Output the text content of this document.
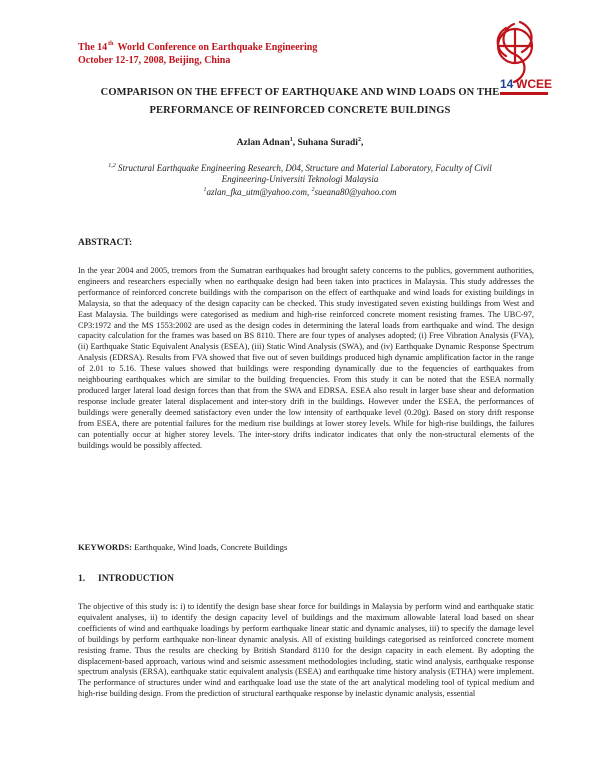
The 14th World Conference on Earthquake Engineering
October 12-17, 2008, Beijing, China
14 WCEE
COMPARISON ON THE EFFECT OF EARTHQUAKE AND WIND LOADS ON THE
PERFORMANCE OF REINFORCED CONCRETE BUILDINGS
Azlan Adnan$^1$, Suhana Suradi$^2$,
$^{1,2}$ Structural Earthquake Engineering Research, D04, Structure and Material Laboratory, Faculty of Civil
Engineering-Universiti Teknologi Malaysia
$^1$azlan_fka_utm@yahoo.com, $^2$sueana80@yahoo.com
ABSTRACT:
In the year 2004 and 2005, tremors from the Sumatran earthquakes had brought safety concerns to the publics, government authorities, engineers and researchers especially when no earthquake design had been taken into practices in Malaysia. This study addresses the performance of reinforced concrete buildings with the comparison on the effect of earthquake and wind loads for existing buildings in Malaysia, so that the adequacy of the design capacity can be checked. This study investigated seven existing buildings from West and East Malaysia. The buildings were categorised as medium and high-rise reinforced concrete moment resisting frames. The UBC-97, CP3:1972 and the MS 1553:2002 are used as the design codes in determining the lateral loads from earthquake and wind. The design capacity calculation for the frames was based on BS 8110. There are four types of analyses adopted; (i) Free Vibration Analysis (FVA), (ii) Earthquake Static Equivalent Analysis (ESEA), (iii) Static Wind Analysis (SWA), and (iv) Earthquake Dynamic Response Spectrum Analysis (EDRSA). Results from FVA showed that five out of seven buildings produced high dynamic amplification factor in the range of 2.01 to 5.16. These values showed that buildings were responding dynamically due to the fequencies of earthquakes from neighbouring earthquakes which are similar to the building frequencies. From this study it can be noted that the ESEA normally produced larger lateral load design forces than that from the SWA and EDRSA. ESEA also result in larger base shear and deformation response include greater lateral displacement and inter-story drift in the buildings. However under the ESEA, the performances of buildings were generally deemed satisfactory even under the low intensity of earthquake level (0.20g). Based on story drift response from ESEA, there are potential failures for the medium rise buildings at lower storey levels. While for high-rise buildings, the failures can potentially occur at higher storey levels. The inter-story drifts indicator indicates that only the non-structural elements of the buildings would be possibly affected.
KEYWORDS: Earthquake, Wind loads, Concrete Buildings
1. INTRODUCTION
The objective of this study is: i) to identify the design base shear force for buildings in Malaysia by perform wind and earthquake static equivalent analyses, ii) to identify the design capacity level of buildings and the maximum allowable lateral load based on shear coefficients of wind and earthquake loadings by perform earthquake linear static and dynamic analyses, iii) to specify the damage level of buildings by perform earthquake non-linear dynamic analysis. All of existing buildings categorised as reinforced concrete moment resisting frame. Thus the results are checking by British Standard 8110 for the design capacity in each element. By adopting the displacement-based approach, various wind and seismic assessment methodologies including, static wind analysis, earthquake response spectrum analysis (ERSA), earthquake static equivalent analysis (ESEA) and earthquake time history analysis (ETHA) were implement. The performance of structures under wind and earthquake load use the state of the art analytical modeling tool of typical medium and high-rise building design. From the prediction of structural earthquake response by inelastic dynamic analysis, essential
